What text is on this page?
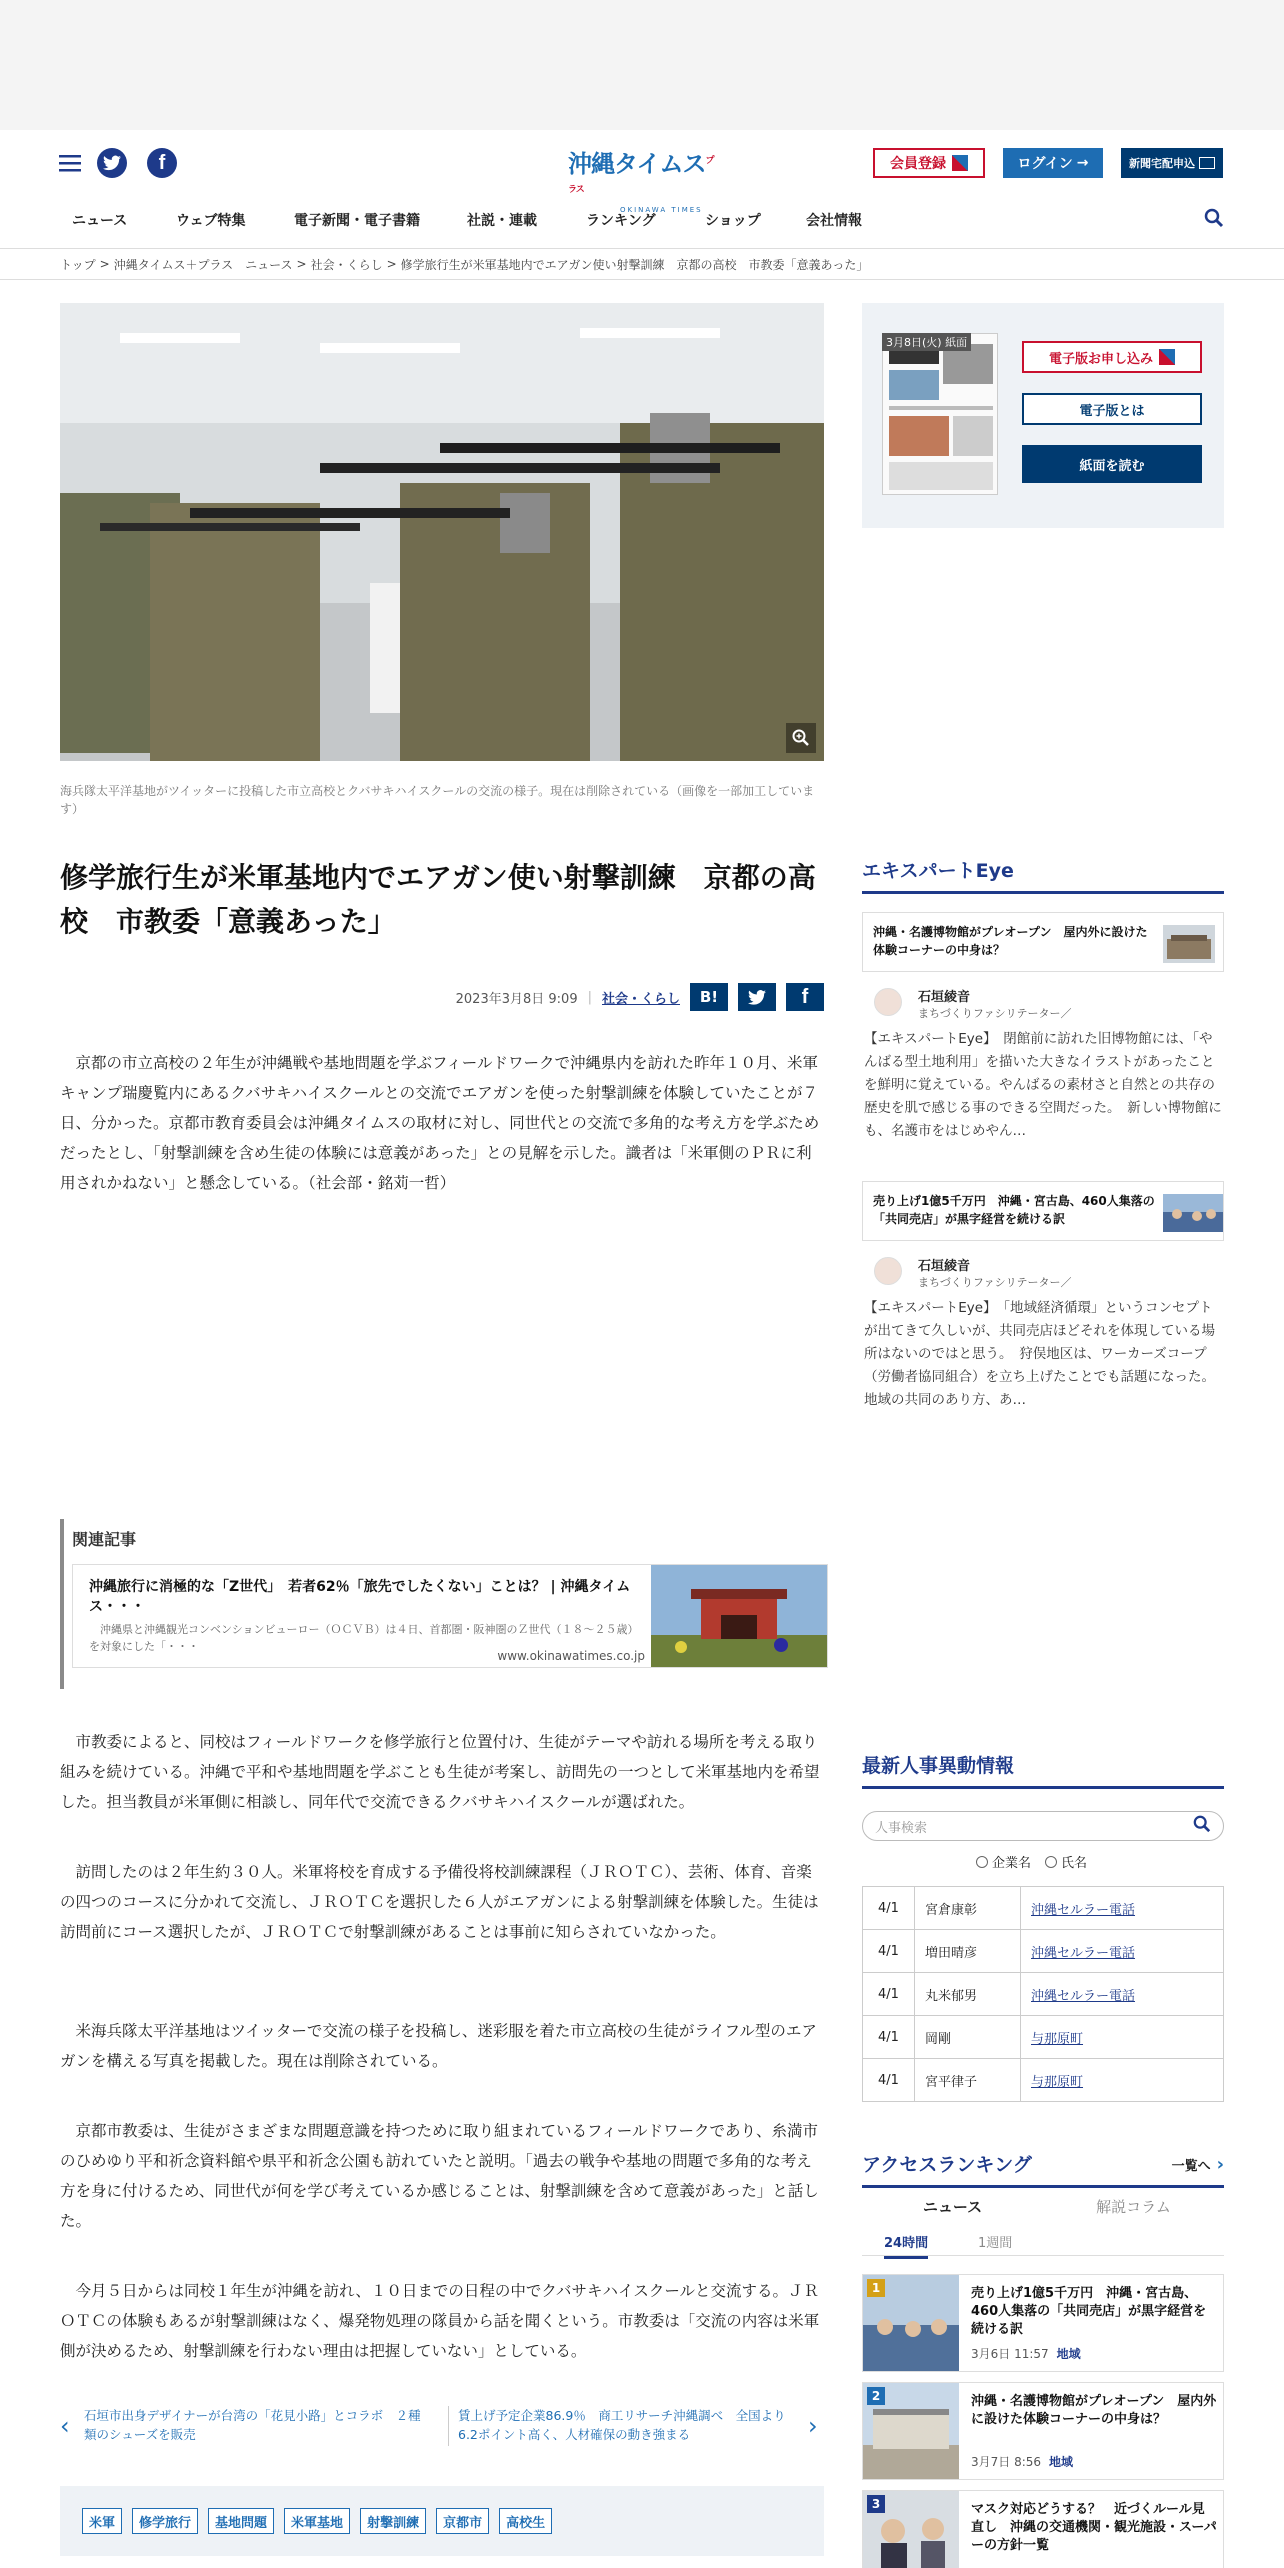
f	沖縄タイムス$^{プラス}$
OKINAWA TIMES
会員登録	ログイン →	新聞宅配申込
ニュース	ウェブ特集	電子新聞・電子書籍	社説・連載	ランキング	ショップ	会社情報
トップ > 沖縄タイムス＋プラス　ニュース > 社会・くらし > 修学旅行生が米軍基地内でエアガン使い射撃訓練　京都の高校　市教委「意義あった」
海兵隊太平洋基地がツイッターに投稿した市立高校とクバサキハイスクールの交流の様子。現在は削除されている（画像を一部加工しています）
修学旅行生が米軍基地内でエアガン使い射撃訓練　京都の高校　市教委「意義あった」
2023年3月8日 9:09 | 社会・くらし	B!	f

京都の市立高校の２年生が沖縄戦や基地問題を学ぶフィールドワークで沖縄県内を訪れた昨年１０月、米軍キャンプ瑞慶覧内にあるクバサキハイスクールとの交流でエアガンを使った射撃訓練を体験していたことが７日、分かった。京都市教育委員会は沖縄タイムスの取材に対し、同世代との交流で多角的な考え方を学ぶためだったとし、「射撃訓練を含め生徒の体験には意義があった」との見解を示した。識者は「米軍側のＰＲに利用されかねない」と懸念している。（社会部・銘苅一哲）

関連記事
沖縄旅行に消極的な「Z世代」　若者62％「旅先でしたくない」ことは？ | 沖縄タイムス・・・
沖縄県と沖縄観光コンベンションビューロー（ＯＣＶＢ）は４日、首都圏・阪神圏のＺ世代（１８～２５歳）を対象にした「・・・
www.okinawatimes.co.jp

市教委によると、同校はフィールドワークを修学旅行と位置付け、生徒がテーマや訪れる場所を考える取り組みを続けている。沖縄で平和や基地問題を学ぶことも生徒が考案し、訪問先の一つとして米軍基地内を希望した。担当教員が米軍側に相談し、同年代で交流できるクバサキハイスクールが選ばれた。

訪問したのは２年生約３０人。米軍将校を育成する予備役将校訓練課程（ＪＲＯＴＣ）、芸術、体育、音楽の四つのコースに分かれて交流し、ＪＲＯＴＣを選択した６人がエアガンによる射撃訓練を体験した。生徒は訪問前にコース選択したが、ＪＲＯＴＣで射撃訓練があることは事前に知らされていなかった。

米海兵隊太平洋基地はツイッターで交流の様子を投稿し、迷彩服を着た市立高校の生徒がライフル型のエアガンを構える写真を掲載した。現在は削除されている。

京都市教委は、生徒がさまざまな問題意識を持つために取り組まれているフィールドワークであり、糸満市のひめゆり平和祈念資料館や県平和祈念公園も訪れていたと説明。「過去の戦争や基地の問題で多角的な考え方を身に付けるため、同世代が何を学び考えているか感じることは、射撃訓練を含めて意義があった」と話した。

今月５日からは同校１年生が沖縄を訪れ、１０日までの日程の中でクバサキハイスクールと交流する。ＪＲＯＴＣの体験もあるが射撃訓練はなく、爆発物処理の隊員から話を聞くという。市教委は「交流の内容は米軍側が決めるため、射撃訓練を行わない理由は把握していない」としている。

‹ 石垣市出身デザイナーが台湾の「花見小路」とコラボ　２種類のシューズを販売
賃上げ予定企業86.9％　商工リサーチ沖縄調べ　全国より6.2ポイント高く、人材確保の動き強まる	›
米軍	修学旅行	基地問題	米軍基地	射撃訓練	京都市	高校生
3月8日(火) 紙面
電子版お申し込み
電子版とは
紙面を読む
エキスパートEye
沖縄・名護博物館がプレオープン　屋内外に設けた体験コーナーの中身は？
石垣綾音
まちづくりファシリテーター／
【エキスパートEye】　閉館前に訪れた旧博物館には、「やんばる型土地利用」を描いた大きなイラストがあったことを鮮明に覚えている。やんばるの素材さと自然との共存の歴史を肌で感じる事のできる空間だった。　新しい博物館にも、名護市をはじめやん…
売り上げ1億5千万円　沖縄・宮古島、460人集落の「共同売店」が黒字経営を続ける訳
石垣綾音
まちづくりファシリテーター／
【エキスパートEye】　「地域経済循環」というコンセプトが出てきて久しいが、共同売店ほどそれを体現している場所はないのではと思う。　狩俣地区は、ワーカーズコープ（労働者協同組合）を立ち上げたことでも話題になった。　地域の共同のあり方、あ…
最新人事異動情報
人事検索
企業名 氏名
4/1	宮倉康彰	沖縄セルラー電話
4/1	増田晴彦	沖縄セルラー電話
4/1	丸米郁男	沖縄セルラー電話
4/1	岡剛	与那原町
4/1	宮平律子	与那原町
アクセスランキング	一覧へ ›
ニュース	解説コラム
24時間	1週間
1	売り上げ1億5千万円　沖縄・宮古島、460人集落の「共同売店」が黒字経営を続ける訳
3月6日 11:57 地域
2	沖縄・名護博物館がプレオープン　屋内外に設けた体験コーナーの中身は？
3月7日 8:56 地域
3	マスク対応どうする？　近づくルール見直し　沖縄の交通機関・観光施設・スーパーの方針一覧
